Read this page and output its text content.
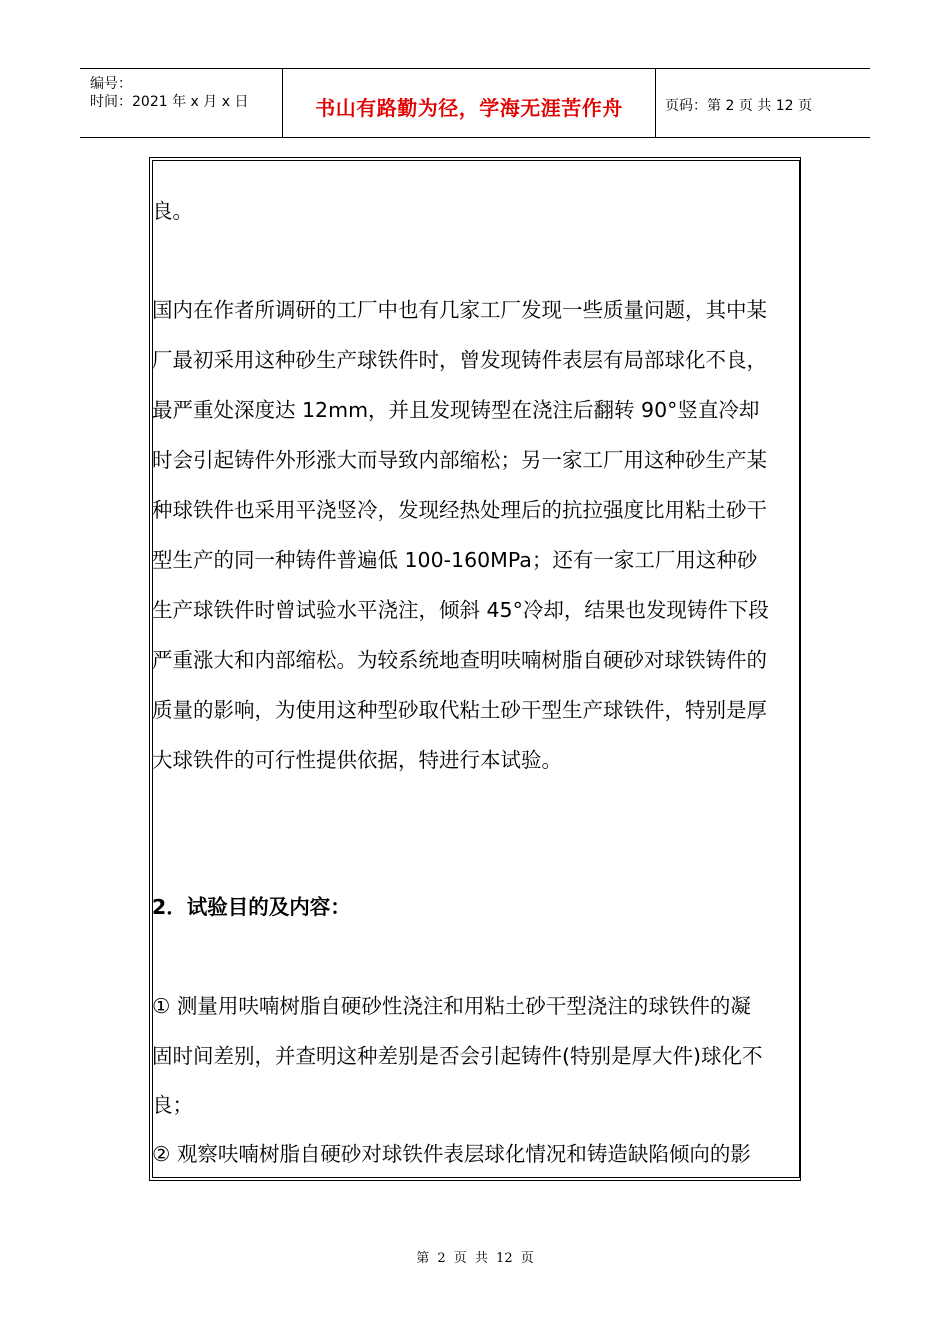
编号：
时间：2021 年 x 月 x 日	书山有路勤为径，学海无涯苦作舟	页码：第 2 页 共 12 页
良。
国内在作者所调研的工厂中也有几家工厂发现一些质量问题，其中某
厂最初采用这种砂生产球铁件时，曾发现铸件表层有局部球化不良，
最严重处深度达 12mm，并且发现铸型在浇注后翻转 90°竖直冷却
时会引起铸件外形涨大而导致内部缩松；另一家工厂用这种砂生产某
种球铁件也采用平浇竖冷，发现经热处理后的抗拉强度比用粘土砂干
型生产的同一种铸件普遍低 100-160MPa；还有一家工厂用这种砂
生产球铁件时曾试验水平浇注，倾斜 45°冷却，结果也发现铸件下段
严重涨大和内部缩松。为较系统地查明呋喃树脂自硬砂对球铁铸件的
质量的影响，为使用这种型砂取代粘土砂干型生产球铁件，特别是厚
大球铁件的可行性提供依据，特进行本试验。
2．试验目的及内容：
① 测量用呋喃树脂自硬砂性浇注和用粘土砂干型浇注的球铁件的凝
固时间差别，并查明这种差别是否会引起铸件(特别是厚大件)球化不
良；
② 观察呋喃树脂自硬砂对球铁件表层球化情况和铸造缺陷倾向的影
第 2 页 共 12 页
